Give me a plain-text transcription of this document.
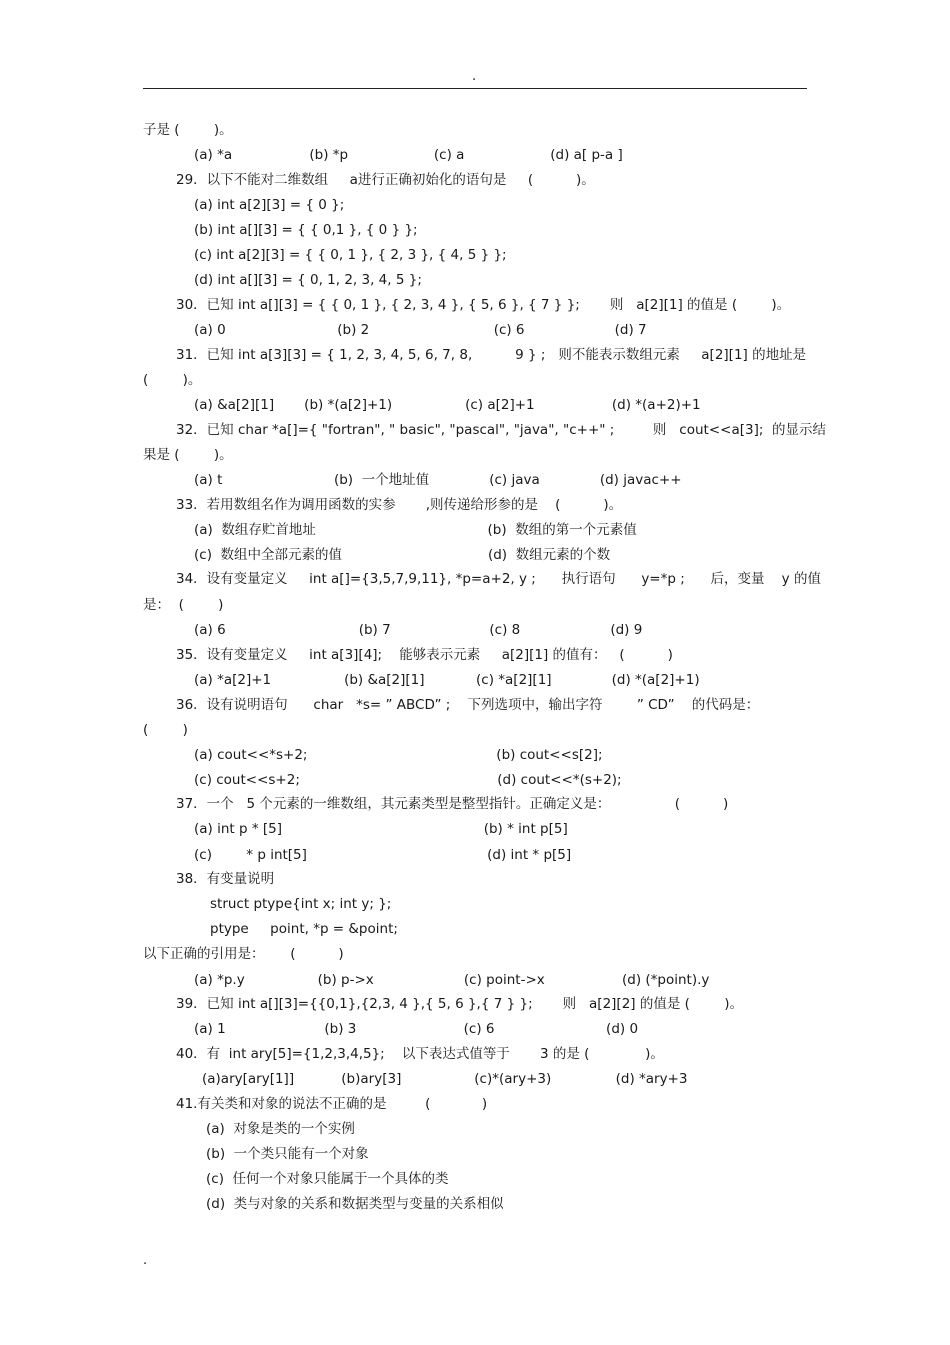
.
子是 (        )。
(a) *a                  (b) *p                    (c) a                    (d) a[ p-a ]
29．以下不能对二维数组     a进行正确初始化的语句是     (          )。
(a) int a[2][3] = { 0 };
(b) int a[][3] = { { 0,1 }, { 0 } };
(c) int a[2][3] = { { 0, 1 }, { 2, 3 }, { 4, 5 } };
(d) int a[][3] = { 0, 1, 2, 3, 4, 5 };
30．已知 int a[][3] = { { 0, 1 }, { 2, 3, 4 }, { 5, 6 }, { 7 } };       则   a[2][1] 的值是 (        )。
(a) 0                          (b) 2                             (c) 6                     (d) 7
31．已知 int a[3][3] = { 1, 2, 3, 4, 5, 6, 7, 8,          9 } ;   则不能表示数组元素     a[2][1] 的地址是
(        )。
(a) &a[2][1]       (b) *(a[2]+1)                 (c) a[2]+1                  (d) *(a+2)+1
32．已知 char *a[]={ "fortran", " basic", "pascal", "java", "c++" ;         则   cout<<a[3];  的显示结
果是 (        )。
(a) t                          (b)  一个地址值              (c) java              (d) javac++
33．若用数组名作为调用函数的实参       ,则传递给形参的是    (          )。
(a)  数组存贮首地址                                        (b)  数组的第一个元素值
(c)  数组中全部元素的值                                  (d)  数组元素的个数
34．设有变量定义     int a[]={3,5,7,9,11}, *p=a+2, y ;      执行语句      y=*p ;      后，变量    y 的值
是：  (        )
(a) 6                               (b) 7                       (c) 8                     (d) 9
35．设有变量定义     int a[3][4];    能够表示元素     a[2][1] 的值有：   (          )
(a) *a[2]+1                 (b) &a[2][1]            (c) *a[2][1]              (d) *(a[2]+1)
36．设有说明语句      char   *s= ” ABCD” ;    下列选项中，输出字符        ” CD”    的代码是：
(        )
(a) cout<<*s+2;                                            (b) cout<<s[2];
(c) cout<<s+2;                                              (d) cout<<*(s+2);
37．一个   5 个元素的一维数组，其元素类型是整型指针。正确定义是：               (          )
(a) int p * [5]                                               (b) * int p[5]
(c)        * p int[5]                                          (d) int * p[5]
38．有变量说明
struct ptype{int x; int y; };
ptype     point, *p = &point;
以下正确的引用是：      (          )
(a) *p.y                 (b) p->x                     (c) point->x                  (d) (*point).y
39．已知 int a[][3]={{0,1},{2,3, 4 },{ 5, 6 },{ 7 } };       则   a[2][2] 的值是 (        )。
(a) 1                       (b) 3                         (c) 6                          (d) 0
40．有  int ary[5]={1,2,3,4,5};    以下表达式值等于       3 的是 (             )。
(a)ary[ary[1]]           (b)ary[3]                 (c)*(ary+3)               (d) *ary+3
41.有关类和对象的说法不正确的是         (            )
(a)  对象是类的一个实例
(b)  一个类只能有一个对象
(c)  任何一个对象只能属于一个具体的类
(d)  类与对象的关系和数据类型与变量的关系相似
.
